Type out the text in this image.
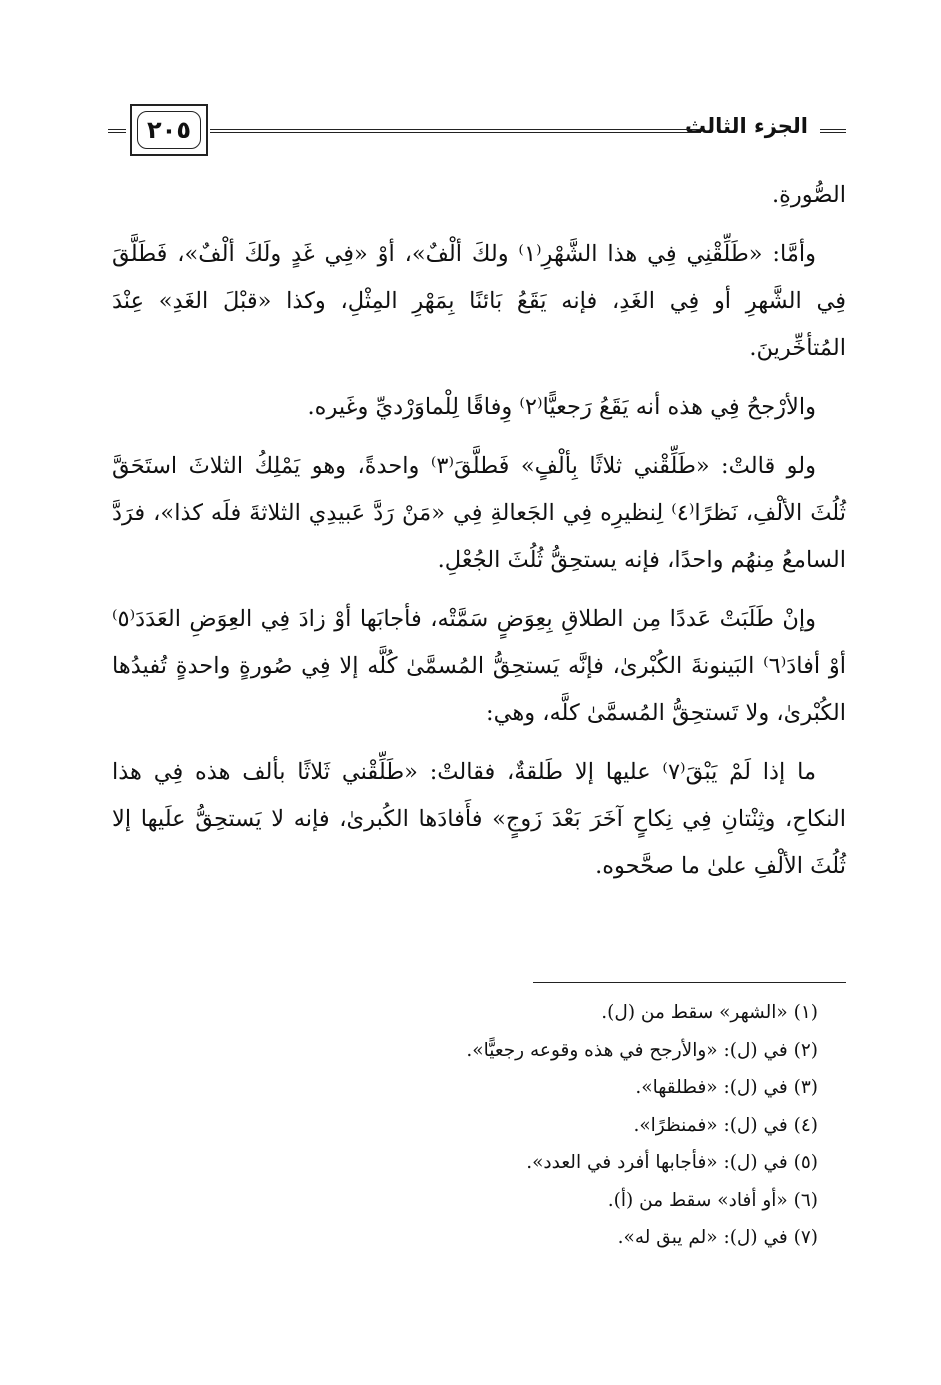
الجزء الثالث
٢٠٥

الصُّورةِ.

وأمَّا: «طَلِّقْنِي فِي هذا الشَّهْرِ⁽١⁾ ولكَ ألْفٌ»، أوْ «فِي غَدٍ ولَكَ ألْفٌ»، فَطَلَّقَ فِي الشَّهرِ أو فِي الغَدِ، فإنه يَقَعُ بَائنًا بِمَهْرِ المِثْلِ، وكذا «قبْلَ الغَدِ» عِنْدَ المُتأخِّرينَ.

والأرْجحُ فِي هذه أنه يَقَعُ رَجعيًّا⁽٢⁾ وِفاقًا لِلْماوَرْديِّ وغَيره.

ولو قالتْ: «طَلِّقْني ثلاثًا بِألْفٍ» فَطلَّقَ⁽٣⁾ واحدةً، وهو يَمْلِكُ الثلاثَ استَحَقَّ ثُلُثَ الألْفِ، نَظرًا⁽٤⁾ لِنظيرِه فِي الجَعالةِ فِي «مَنْ رَدَّ عَبيدِي الثلاثةَ فلَه كذا»، فرَدَّ السامعُ مِنهُم واحدًا، فإنه يستحِقُّ ثُلُثَ الجُعْلِ.

وإنْ طَلَبَتْ عَددًا مِن الطلاقِ بِعِوَضٍ سَمَّتْه، فأجابَها أوْ زادَ فِي العِوَضِ العَدَدَ⁽٥⁾ أوْ أفادَ⁽٦⁾ البَينونةَ الكُبْرىٰ، فإنَّه يَستحِقُّ المُسمَّىٰ كُلَّه إلا فِي صُورةٍ واحدةٍ تُفيدُها الكُبْرىٰ، ولا تَستحِقُّ المُسمَّىٰ كلَّه، وهي:

ما إذا لَمْ يَبْقَ⁽٧⁾ عليها إلا طَلقةٌ، فقالتْ: «طَلِّقْني ثَلاثًا بألف هذه فِي هذا النكاحِ، وثِنْتانِ فِي نِكاحٍ آخَرَ بَعْدَ زَوجٍ» فأَفادَها الكُبرىٰ، فإنه لا يَستحِقُّ علَيها إلا ثُلُثَ الألْفِ علىٰ ما صحَّحوه.

(١) «الشهر» سقط من (ل).

(٢) في (ل): «والأرجح في هذه وقوعه رجعيًّا».

(٣) في (ل): «فطلقها».

(٤) في (ل): «فمنظرًا».

(٥) في (ل): «فأجابها أفرد في العدد».

(٦) «أو أفاد» سقط من (أ).

(٧) في (ل): «لم يبق له».
